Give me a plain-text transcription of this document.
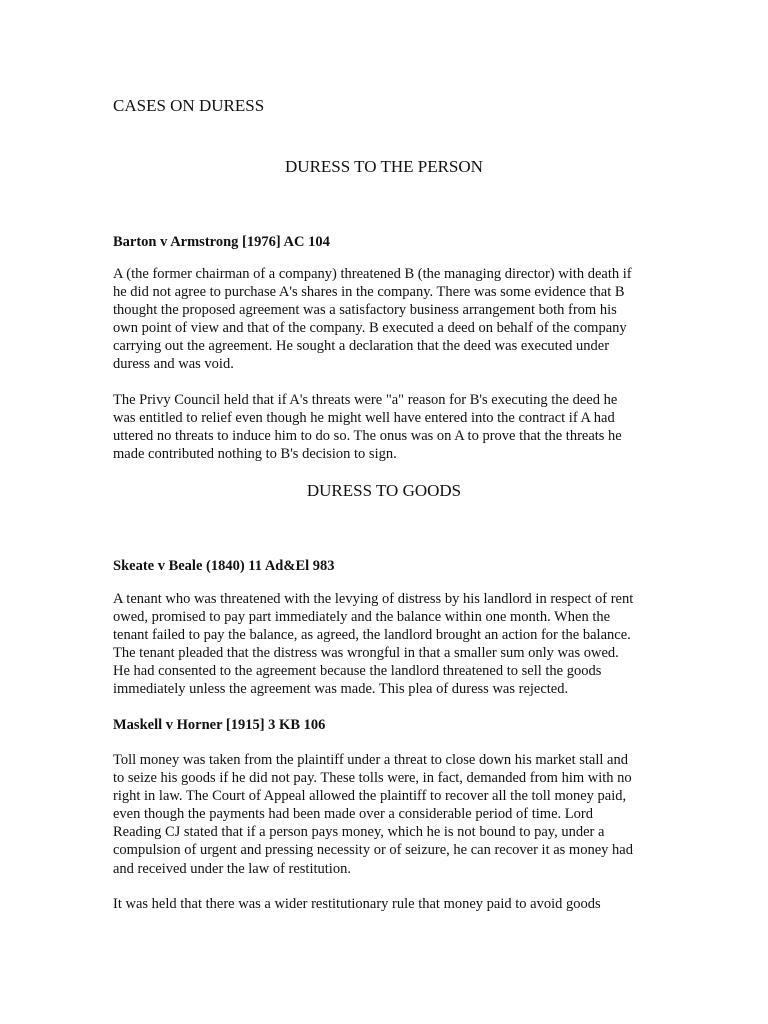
CASES ON DURESS
DURESS TO THE PERSON
Barton v Armstrong [1976] AC 104

A (the former chairman of a company) threatened B (the managing director) with death if
he did not agree to purchase A's shares in the company. There was some evidence that B
thought the proposed agreement was a satisfactory business arrangement both from his
own point of view and that of the company. B executed a deed on behalf of the company
carrying out the agreement. He sought a declaration that the deed was executed under
duress and was void.

The Privy Council held that if A's threats were "a" reason for B's executing the deed he
was entitled to relief even though he might well have entered into the contract if A had
uttered no threats to induce him to do so. The onus was on A to prove that the threats he
made contributed nothing to B's decision to sign.

DURESS TO GOODS
Skeate v Beale (1840) 11 Ad&El 983

A tenant who was threatened with the levying of distress by his landlord in respect of rent
owed, promised to pay part immediately and the balance within one month. When the
tenant failed to pay the balance, as agreed, the landlord brought an action for the balance.
The tenant pleaded that the distress was wrongful in that a smaller sum only was owed.
He had consented to the agreement because the landlord threatened to sell the goods
immediately unless the agreement was made. This plea of duress was rejected.

Maskell v Horner [1915] 3 KB 106

Toll money was taken from the plaintiff under a threat to close down his market stall and
to seize his goods if he did not pay. These tolls were, in fact, demanded from him with no
right in law. The Court of Appeal allowed the plaintiff to recover all the toll money paid,
even though the payments had been made over a considerable period of time. Lord
Reading CJ stated that if a person pays money, which he is not bound to pay, under a
compulsion of urgent and pressing necessity or of seizure, he can recover it as money had
and received under the law of restitution.

It was held that there was a wider restitutionary rule that money paid to avoid goods
